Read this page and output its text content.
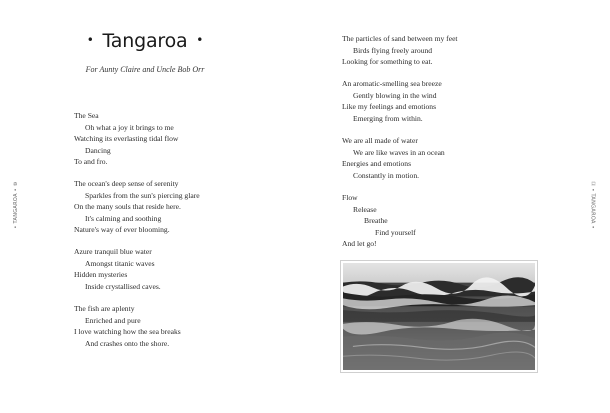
• Tangaroa •
For Aunty Claire and Uncle Bob Orr
• TANGAROA • ⑩
The Sea
Oh what a joy it brings to me
Watching its everlasting tidal flow
Dancing
To and fro.
The ocean's deep sense of serenity
Sparkles from the sun's piercing glare
On the many souls that reside here.
It's calming and soothing
Nature's way of ever blooming.
Azure tranquil blue water
Amongst titanic waves
Hidden mysteries
Inside crystallised caves.
The fish are aplenty
Enriched and pure
I love watching how the sea breaks
And crashes onto the shore.
The particles of sand between my feet
Birds flying freely around
Looking for something to eat.
An aromatic-smelling sea breeze
Gently blowing in the wind
Like my feelings and emotions
Emerging from within.
We are all made of water
We are like waves in an ocean
Energies and emotions
Constantly in motion.
Flow
Release
Breathe
Find yourself
And let go!
⑪ • TANGAROA •
